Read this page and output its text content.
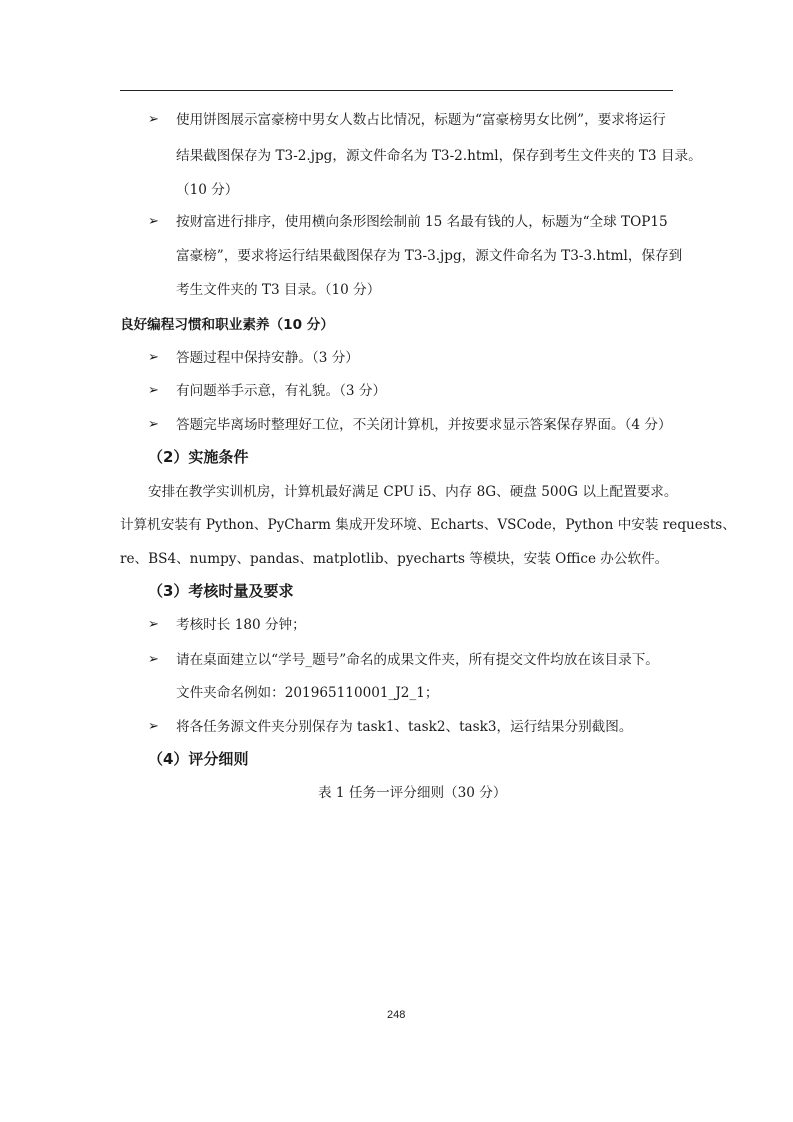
➢ 使用饼图展示富豪榜中男女人数占比情况，标题为“富豪榜男女比例”，要求将运行
结果截图保存为 T3-2.jpg，源文件命名为 T3-2.html，保存到考生文件夹的 T3 目录。
（10 分）
➢ 按财富进行排序，使用横向条形图绘制前 15 名最有钱的人，标题为“全球 TOP15
富豪榜”，要求将运行结果截图保存为 T3-3.jpg，源文件命名为 T3-3.html，保存到
考生文件夹的 T3 目录。（10 分）
良好编程习惯和职业素养（10 分）
➢ 答题过程中保持安静。（3 分）
➢ 有问题举手示意，有礼貌。（3 分）
➢ 答题完毕离场时整理好工位，不关闭计算机，并按要求显示答案保存界面。（4 分）
（2）实施条件
安排在教学实训机房，计算机最好满足 CPU i5、内存 8G、硬盘 500G 以上配置要求。
计算机安装有 Python、PyCharm 集成开发环境、Echarts、VSCode，Python 中安装 requests、
re、BS4、numpy、pandas、matplotlib、pyecharts 等模块，安装 Office 办公软件。
（3）考核时量及要求
➢ 考核时长 180 分钟；
➢ 请在桌面建立以“学号_题号”命名的成果文件夹，所有提交文件均放在该目录下。
文件夹命名例如：201965110001_J2_1；
➢ 将各任务源文件夹分别保存为 task1、task2、task3，运行结果分别截图。
（4）评分细则
表 1 任务一评分细则（30 分）
248
